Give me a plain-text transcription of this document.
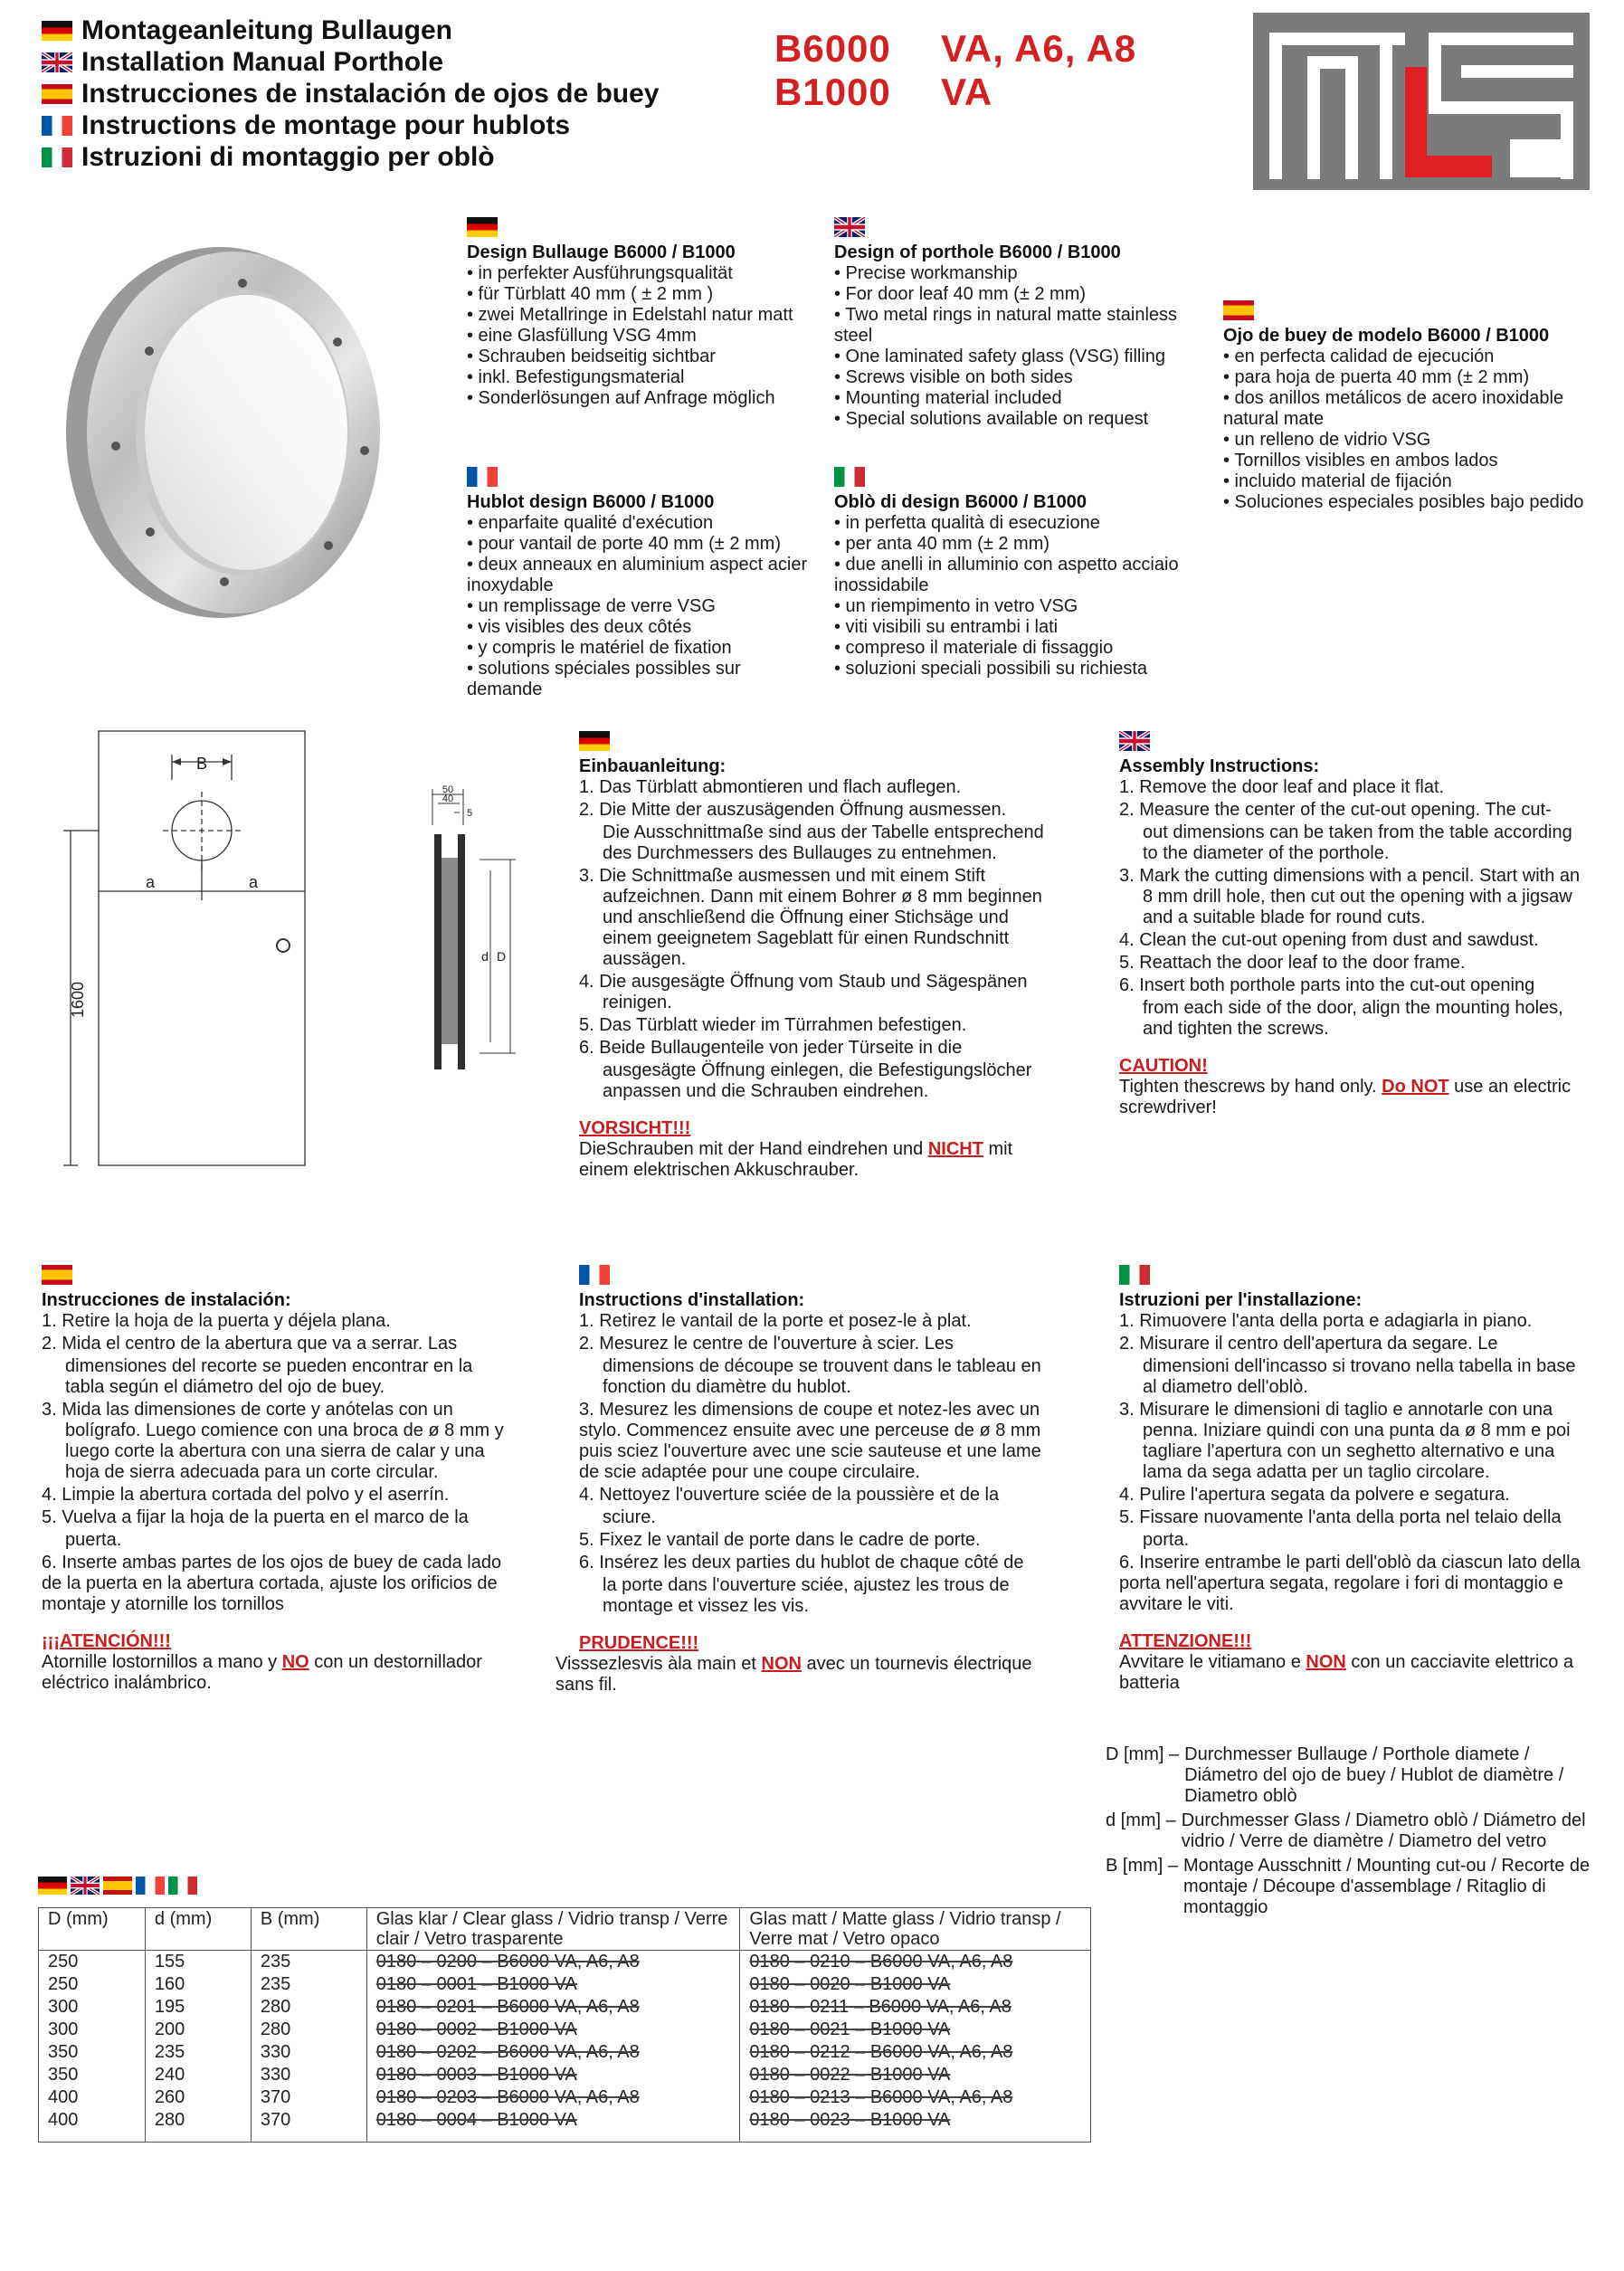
Montageanleitung Bullaugen
Installation Manual Porthole
Instrucciones de instalación de ojos de buey
Instructions de montage pour hublots
Istruzioni di montaggio per oblò
B6000 VA, A6, A8
B1000 VA
Design Bullauge B6000 / B1000

• in perfekter Ausführungsqualität

• für Türblatt 40 mm ( ± 2 mm )

• zwei Metallringe in Edelstahl natur matt

• eine Glasfüllung VSG 4mm

• Schrauben beidseitig sichtbar

• inkl. Befestigungsmaterial

• Sonderlösungen auf Anfrage möglich

Design of porthole B6000 / B1000

• Precise workmanship

• For door leaf 40 mm (± 2 mm)

• Two metal rings in natural matte stainless steel

• One laminated safety glass (VSG) filling

• Screws visible on both sides

• Mounting material included

• Special solutions available on request

Ojo de buey de modelo B6000 / B1000

• en perfecta calidad de ejecución

• para hoja de puerta 40 mm (± 2 mm)

• dos anillos metálicos de acero inoxidable natural mate

• un relleno de vidrio VSG

• Tornillos visibles en ambos lados

• incluido material de fijación

• Soluciones especiales posibles bajo pedido

Hublot design B6000 / B1000

• enparfaite qualité d'exécution

• pour vantail de porte 40 mm (± 2 mm)

• deux anneaux en aluminium aspect acier inoxydable

• un remplissage de verre VSG

• vis visibles des deux côtés

• y compris le matériel de fixation

• solutions spéciales possibles sur demande

Oblò di design B6000 / B1000

• in perfetta qualità di esecuzione

• per anta 40 mm (± 2 mm)

• due anelli in alluminio con aspetto acciaio inossidabile

• un riempimento in vetro VSG

• viti visibili su entrambi i lati

• compreso il materiale di fissaggio

• soluzioni speciali possibili su richiesta

B
a	a
1600
50
40
5
d D
Einbauanleitung:

1. Das Türblatt abmontieren und flach auflegen.

2. Die Mitte der auszusägenden Öffnung ausmessen.

Die Ausschnittmaße sind aus der Tabelle entsprechend des Durchmessers des Bullauges zu entnehmen.

3. Die Schnittmaße ausmessen und mit einem Stift aufzeichnen. Dann mit einem Bohrer ø 8 mm beginnen und anschließend die Öffnung einer Stichsäge und einem geeignetem Sageblatt für einen Rundschnitt aussägen.

4. Die ausgesägte Öffnung vom Staub und Sägespänen reinigen.

5. Das Türblatt wieder im Türrahmen befestigen.

6. Beide Bullaugenteile von jeder Türseite in die

ausgesägte Öffnung einlegen, die Befestigungslöcher anpassen und die Schrauben eindrehen.

VORSICHT!!!

DieSchrauben mit der Hand eindrehen und NICHT mit einem elektrischen Akkuschrauber.

Assembly Instructions:

1. Remove the door leaf and place it flat.

2. Measure the center of the cut-out opening. The cut-

out dimensions can be taken from the table according to the diameter of the porthole.

3. Mark the cutting dimensions with a pencil. Start with an 8 mm drill hole, then cut out the opening with a jigsaw and a suitable blade for round cuts.

4. Clean the cut-out opening from dust and sawdust.

5. Reattach the door leaf to the door frame.

6. Insert both porthole parts into the cut-out opening

from each side of the door, align the mounting holes, and tighten the screws.

CAUTION!

Tighten thescrews by hand only. Do NOT use an electric screwdriver!

Instrucciones de instalación:

1. Retire la hoja de la puerta y déjela plana.

2. Mida el centro de la abertura que va a serrar. Las

dimensiones del recorte se pueden encontrar en la tabla según el diámetro del ojo de buey.

3. Mida las dimensiones de corte y anótelas con un bolígrafo. Luego comience con una broca de ø 8 mm y luego corte la abertura con una sierra de calar y una hoja de sierra adecuada para un corte circular.

4. Limpie la abertura cortada del polvo y el aserrín.

5. Vuelva a fijar la hoja de la puerta en el marco de la

puerta.

6. Inserte ambas partes de los ojos de buey de cada lado de la puerta en la abertura cortada, ajuste los orificios de montaje y atornille los tornillos

¡¡¡ATENCIÓN!!!

Atornille lostornillos a mano y NO con un destornillador eléctrico inalámbrico.

Instructions d'installation:

1. Retirez le vantail de la porte et posez-le à plat.

2. Mesurez le centre de l'ouverture à scier. Les

dimensions de découpe se trouvent dans le tableau en fonction du diamètre du hublot.

3. Mesurez les dimensions de coupe et notez-les avec un stylo. Commencez ensuite avec une perceuse de ø 8 mm puis sciez l'ouverture avec une scie sauteuse et une lame de scie adaptée pour une coupe circulaire.

4. Nettoyez l'ouverture sciée de la poussière et de la

sciure.

5. Fixez le vantail de porte dans le cadre de porte.

6. Insérez les deux parties du hublot de chaque côté de

la porte dans l'ouverture sciée, ajustez les trous de montage et vissez les vis.

PRUDENCE!!!

Visssezlesvis àla main et NON avec un tournevis électrique sans fil.

Istruzioni per l'installazione:

1. Rimuovere l'anta della porta e adagiarla in piano.

2. Misurare il centro dell'apertura da segare. Le

dimensioni dell'incasso si trovano nella tabella in base al diametro dell'oblò.

3. Misurare le dimensioni di taglio e annotarle con una penna. Iniziare quindi con una punta da ø 8 mm e poi tagliare l'apertura con un seghetto alternativo e una lama da sega adatta per un taglio circolare.

4. Pulire l'apertura segata da polvere e segatura.

5. Fissare nuovamente l'anta della porta nel telaio della

porta.

6. Inserire entrambe le parti dell'oblò da ciascun lato della porta nell'apertura segata, regolare i fori di montaggio e avvitare le viti.

ATTENZIONE!!!

Avvitare le vitiamano e NON con un cacciavite elettrico a batteria

D [mm] – Durchmesser Bullauge / Porthole diamete / Diámetro del ojo de buey / Hublot de diamètre / Diametro oblò
d [mm] – Durchmesser Glass / Diametro oblò / Diámetro del vidrio / Verre de diamètre / Diametro del vetro
B [mm] – Montage Ausschnitt / Mounting cut-ou / Recorte de montaje / Découpe d'assemblage / Ritaglio di montaggio
D (mm)	d (mm)	B (mm)	Glas klar / Clear glass / Vidrio transp / Verre clair / Vetro trasparente	Glas matt / Matte glass / Vidrio transp / Verre mat / Vetro opaco
250	155	235	0180 – 0200 – B6000 VA, A6, A8	0180 – 0210 – B6000 VA, A6, A8
250	160	235	0180 – 0001 – B1000 VA	0180 – 0020 – B1000 VA
300	195	280	0180 – 0201 – B6000 VA, A6, A8	0180 – 0211 – B6000 VA, A6, A8
300	200	280	0180 – 0002 – B1000 VA	0180 – 0021 – B1000 VA
350	235	330	0180 – 0202 – B6000 VA, A6, A8	0180 – 0212 – B6000 VA, A6, A8
350	240	330	0180 – 0003 – B1000 VA	0180 – 0022 – B1000 VA
400	260	370	0180 – 0203 – B6000 VA, A6, A8	0180 – 0213 – B6000 VA, A6, A8
400	280	370	0180 – 0004 – B1000 VA	0180 – 0023 – B1000 VA
